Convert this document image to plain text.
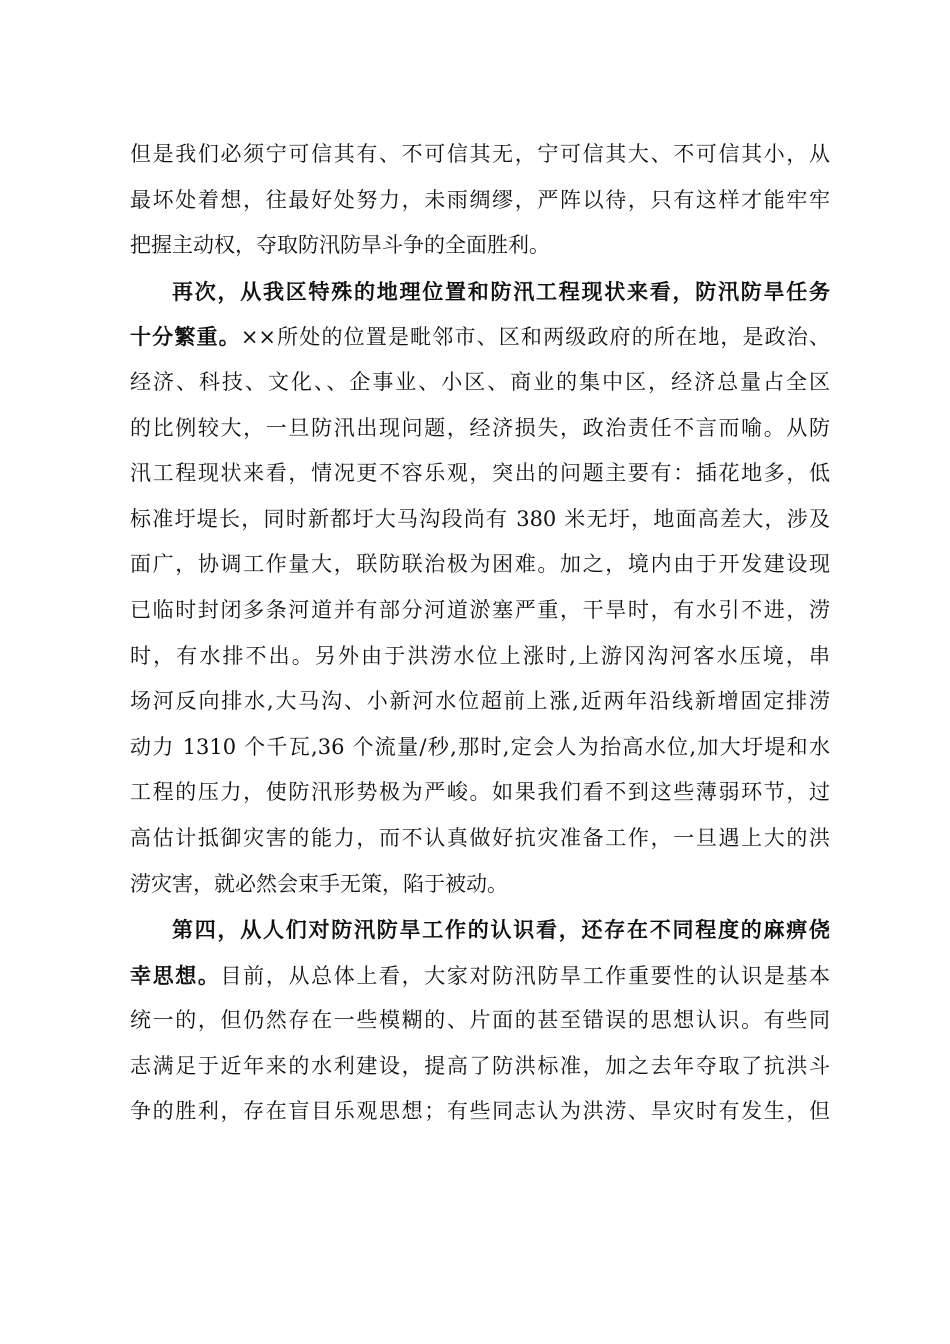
但是我们必须宁可信其有、不可信其无，宁可信其大、不可信其小，从
最坏处着想，往最好处努力，未雨绸缪，严阵以待，只有这样才能牢牢
把握主动权，夺取防汛防旱斗争的全面胜利。
再次，从我区特殊的地理位置和防汛工程现状来看，防汛防旱任务
十分繁重。××所处的位置是毗邻市、区和两级政府的所在地，是政治、
经济、科技、文化、、企事业、小区、商业的集中区，经济总量占全区
的比例较大，一旦防汛出现问题，经济损失，政治责任不言而喻。从防
汛工程现状来看，情况更不容乐观，突出的问题主要有：插花地多，低
标准圩堤长，同时新都圩大马沟段尚有 380 米无圩，地面高差大，涉及
面广，协调工作量大，联防联治极为困难。加之，境内由于开发建设现
已临时封闭多条河道并有部分河道淤塞严重，干旱时，有水引不进，涝
时，有水排不出。另外由于洪涝水位上涨时,上游冈沟河客水压境，串
场河反向排水,大马沟、小新河水位超前上涨,近两年沿线新增固定排涝
动力 1310 个千瓦,36 个流量/秒,那时,定会人为抬高水位,加大圩堤和水
工程的压力，使防汛形势极为严峻。如果我们看不到这些薄弱环节，过
高估计抵御灾害的能力，而不认真做好抗灾准备工作，一旦遇上大的洪
涝灾害，就必然会束手无策，陷于被动。
第四，从人们对防汛防旱工作的认识看，还存在不同程度的麻痹侥
幸思想。目前，从总体上看，大家对防汛防旱工作重要性的认识是基本
统一的，但仍然存在一些模糊的、片面的甚至错误的思想认识。有些同
志满足于近年来的水利建设，提高了防洪标准，加之去年夺取了抗洪斗
争的胜利，存在盲目乐观思想；有些同志认为洪涝、旱灾时有发生，但
